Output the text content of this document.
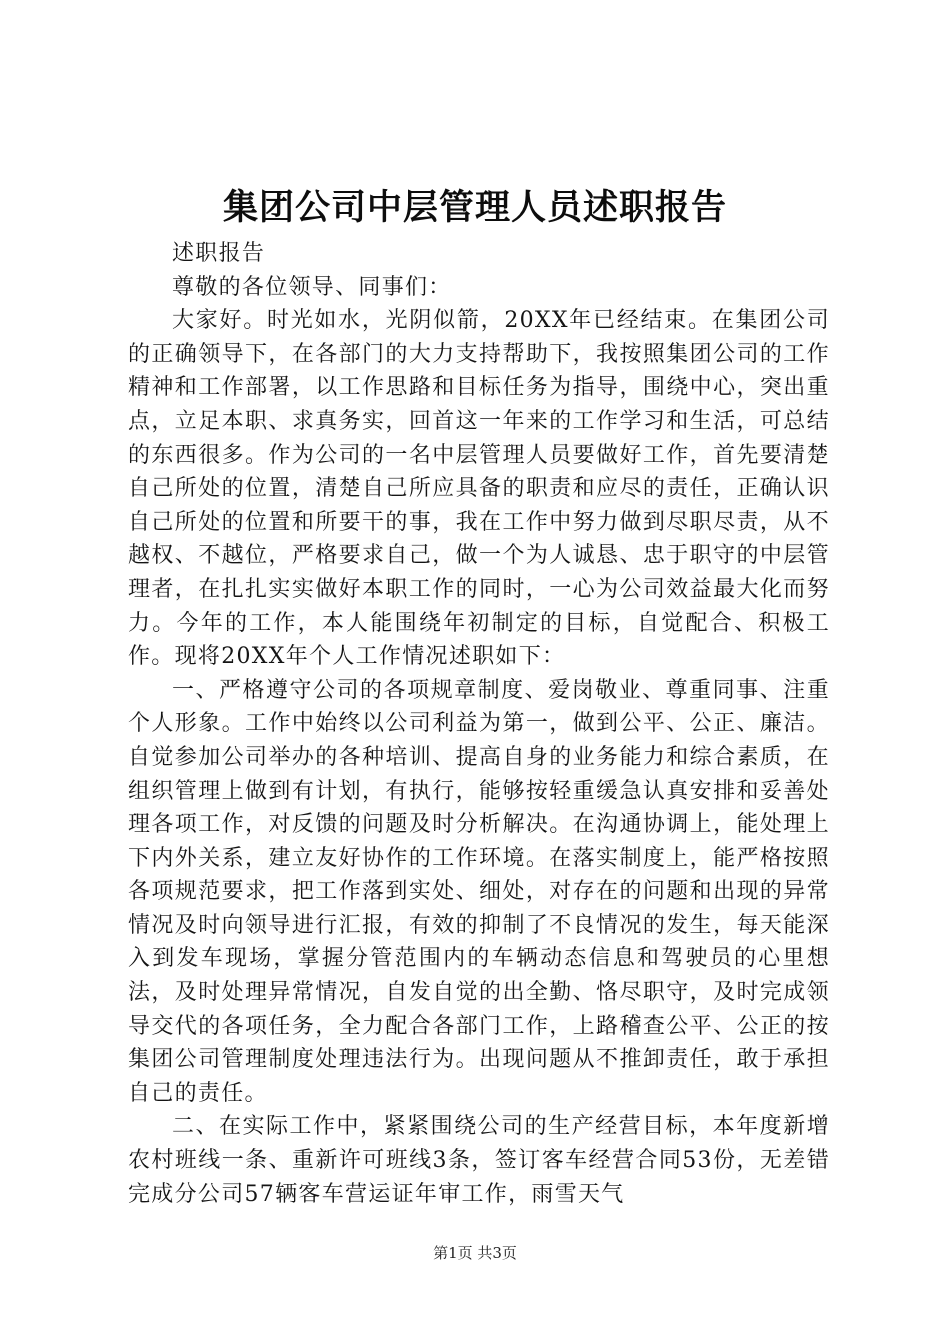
集团公司中层管理人员述职报告

述职报告

尊敬的各位领导、同事们：

大家好。时光如水，光阴似箭，20XX年已经结束。在集团公司的正确领导下，在各部门的大力支持帮助下，我按照集团公司的工作精神和工作部署，以工作思路和目标任务为指导，围绕中心，突出重点，立足本职、求真务实，回首这一年来的工作学习和生活，可总结的东西很多。作为公司的一名中层管理人员要做好工作，首先要清楚自己所处的位置，清楚自己所应具备的职责和应尽的责任，正确认识自己所处的位置和所要干的事，我在工作中努力做到尽职尽责，从不越权、不越位，严格要求自己，做一个为人诚恳、忠于职守的中层管理者，在扎扎实实做好本职工作的同时，一心为公司效益最大化而努力。今年的工作，本人能围绕年初制定的目标，自觉配合、积极工作。现将20XX年个人工作情况述职如下：

一、严格遵守公司的各项规章制度、爱岗敬业、尊重同事、注重个人形象。工作中始终以公司利益为第一，做到公平、公正、廉洁。自觉参加公司举办的各种培训、提高自身的业务能力和综合素质，在组织管理上做到有计划，有执行，能够按轻重缓急认真安排和妥善处理各项工作，对反馈的问题及时分析解决。在沟通协调上，能处理上下内外关系，建立友好协作的工作环境。在落实制度上，能严格按照各项规范要求，把工作落到实处、细处，对存在的问题和出现的异常情况及时向领导进行汇报，有效的抑制了不良情况的发生，每天能深入到发车现场，掌握分管范围内的车辆动态信息和驾驶员的心里想法，及时处理异常情况，自发自觉的出全勤、恪尽职守，及时完成领导交代的各项任务，全力配合各部门工作，上路稽查公平、公正的按集团公司管理制度处理违法行为。出现问题从不推卸责任，敢于承担自己的责任。

二、在实际工作中，紧紧围绕公司的生产经营目标，本年度新增农村班线一条、重新许可班线3条，签订客车经营合同53份，无差错完成分公司57辆客车营运证年审工作，雨雪天气

第1页 共3页
